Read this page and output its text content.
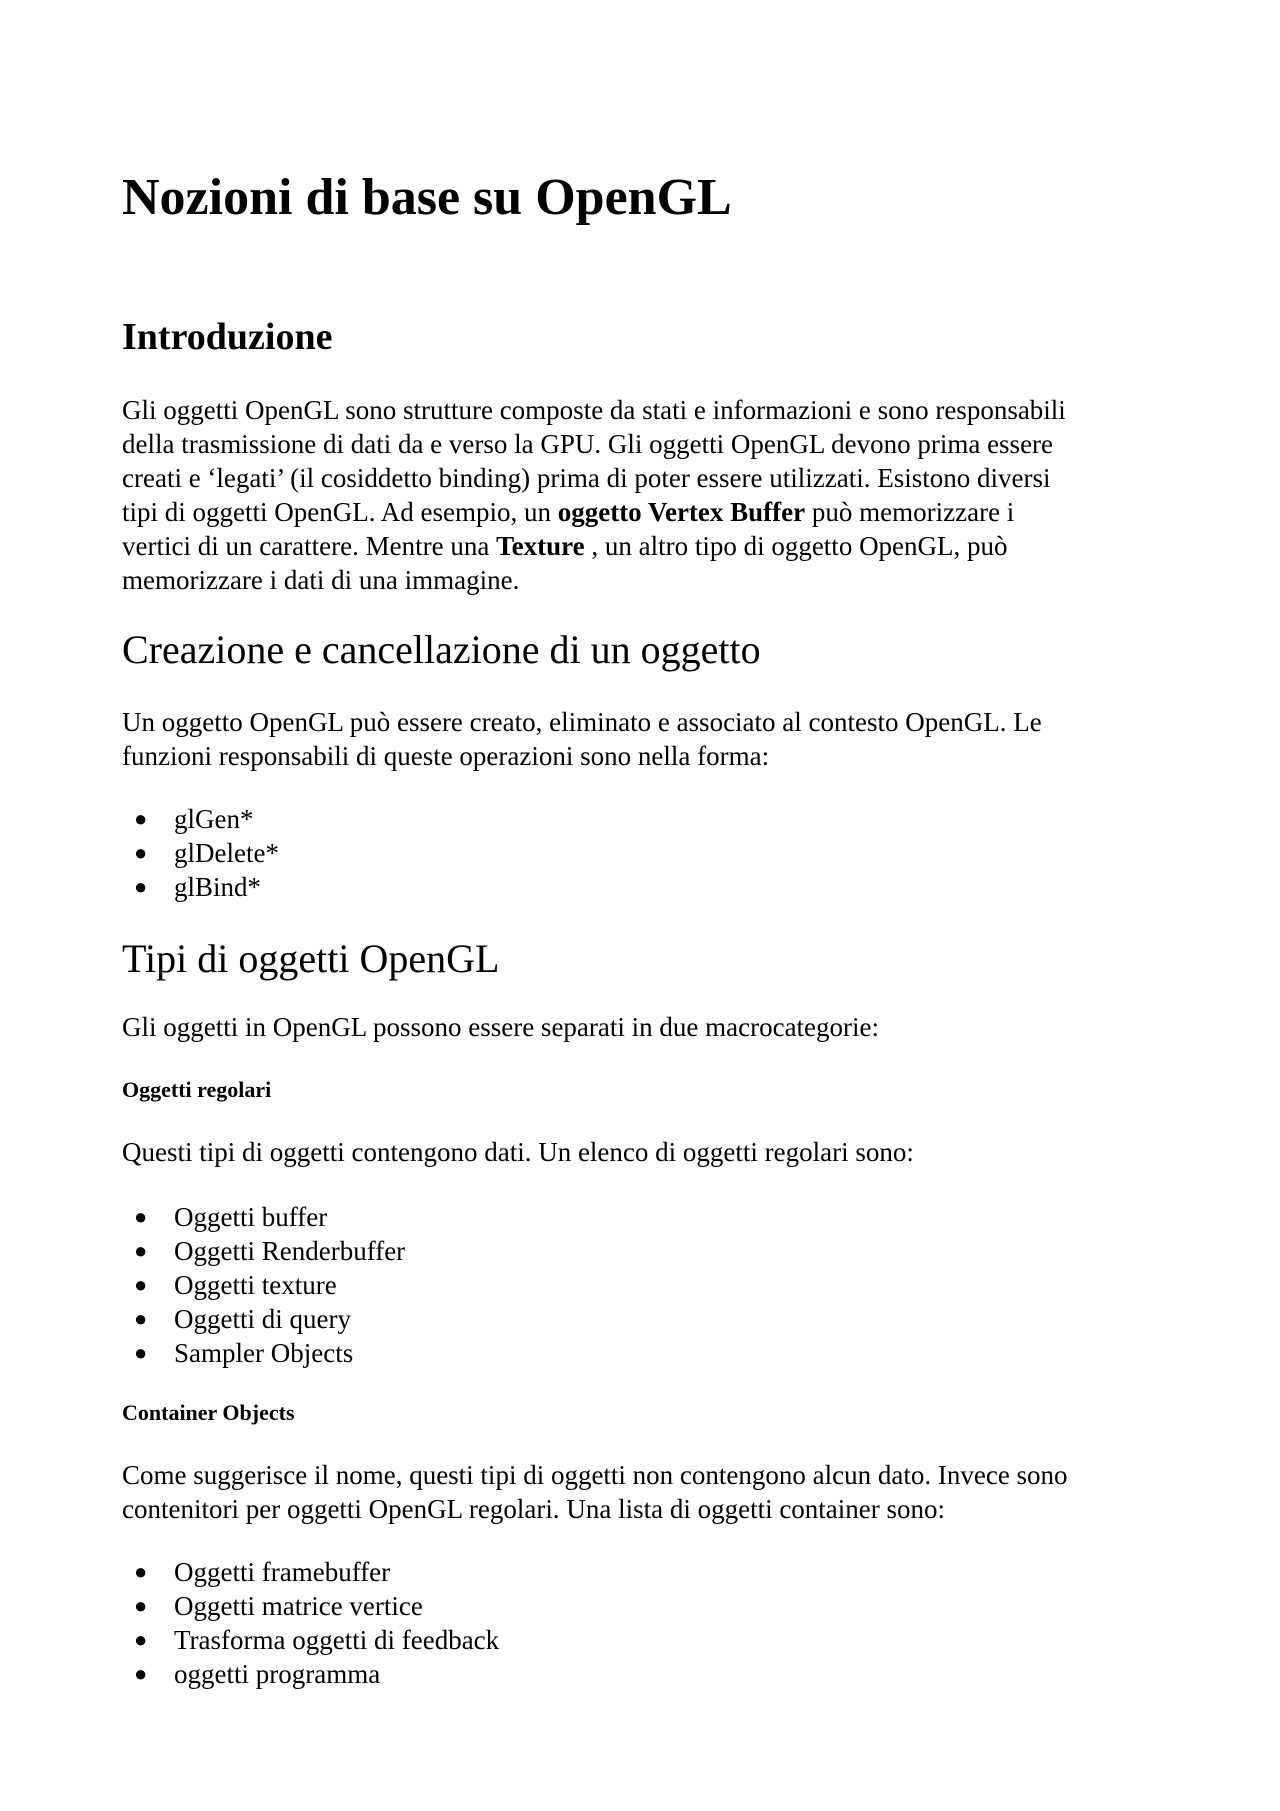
Nozioni di base su OpenGL
Introduzione

Gli oggetti OpenGL sono strutture composte da stati e informazioni e sono responsabili

della trasmissione di dati da e verso la GPU. Gli oggetti OpenGL devono prima essere

creati e ‘legati’ (il cosiddetto binding) prima di poter essere utilizzati. Esistono diversi

tipi di oggetti OpenGL. Ad esempio, un oggetto Vertex Buffer può memorizzare i

vertici di un carattere. Mentre una Texture , un altro tipo di oggetto OpenGL, può

memorizzare i dati di una immagine.

Creazione e cancellazione di un oggetto

Un oggetto OpenGL può essere creato, eliminato e associato al contesto OpenGL. Le

funzioni responsabili di queste operazioni sono nella forma:

● glGen*
● glDelete*
● glBind*
Tipi di oggetti OpenGL

Gli oggetti in OpenGL possono essere separati in due macrocategorie:

Oggetti regolari

Questi tipi di oggetti contengono dati. Un elenco di oggetti regolari sono:

● Oggetti buffer
● Oggetti Renderbuffer
● Oggetti texture
● Oggetti di query
● Sampler Objects
Container Objects

Come suggerisce il nome, questi tipi di oggetti non contengono alcun dato. Invece sono

contenitori per oggetti OpenGL regolari. Una lista di oggetti container sono:

● Oggetti framebuffer
● Oggetti matrice vertice
● Trasforma oggetti di feedback
● oggetti programma
